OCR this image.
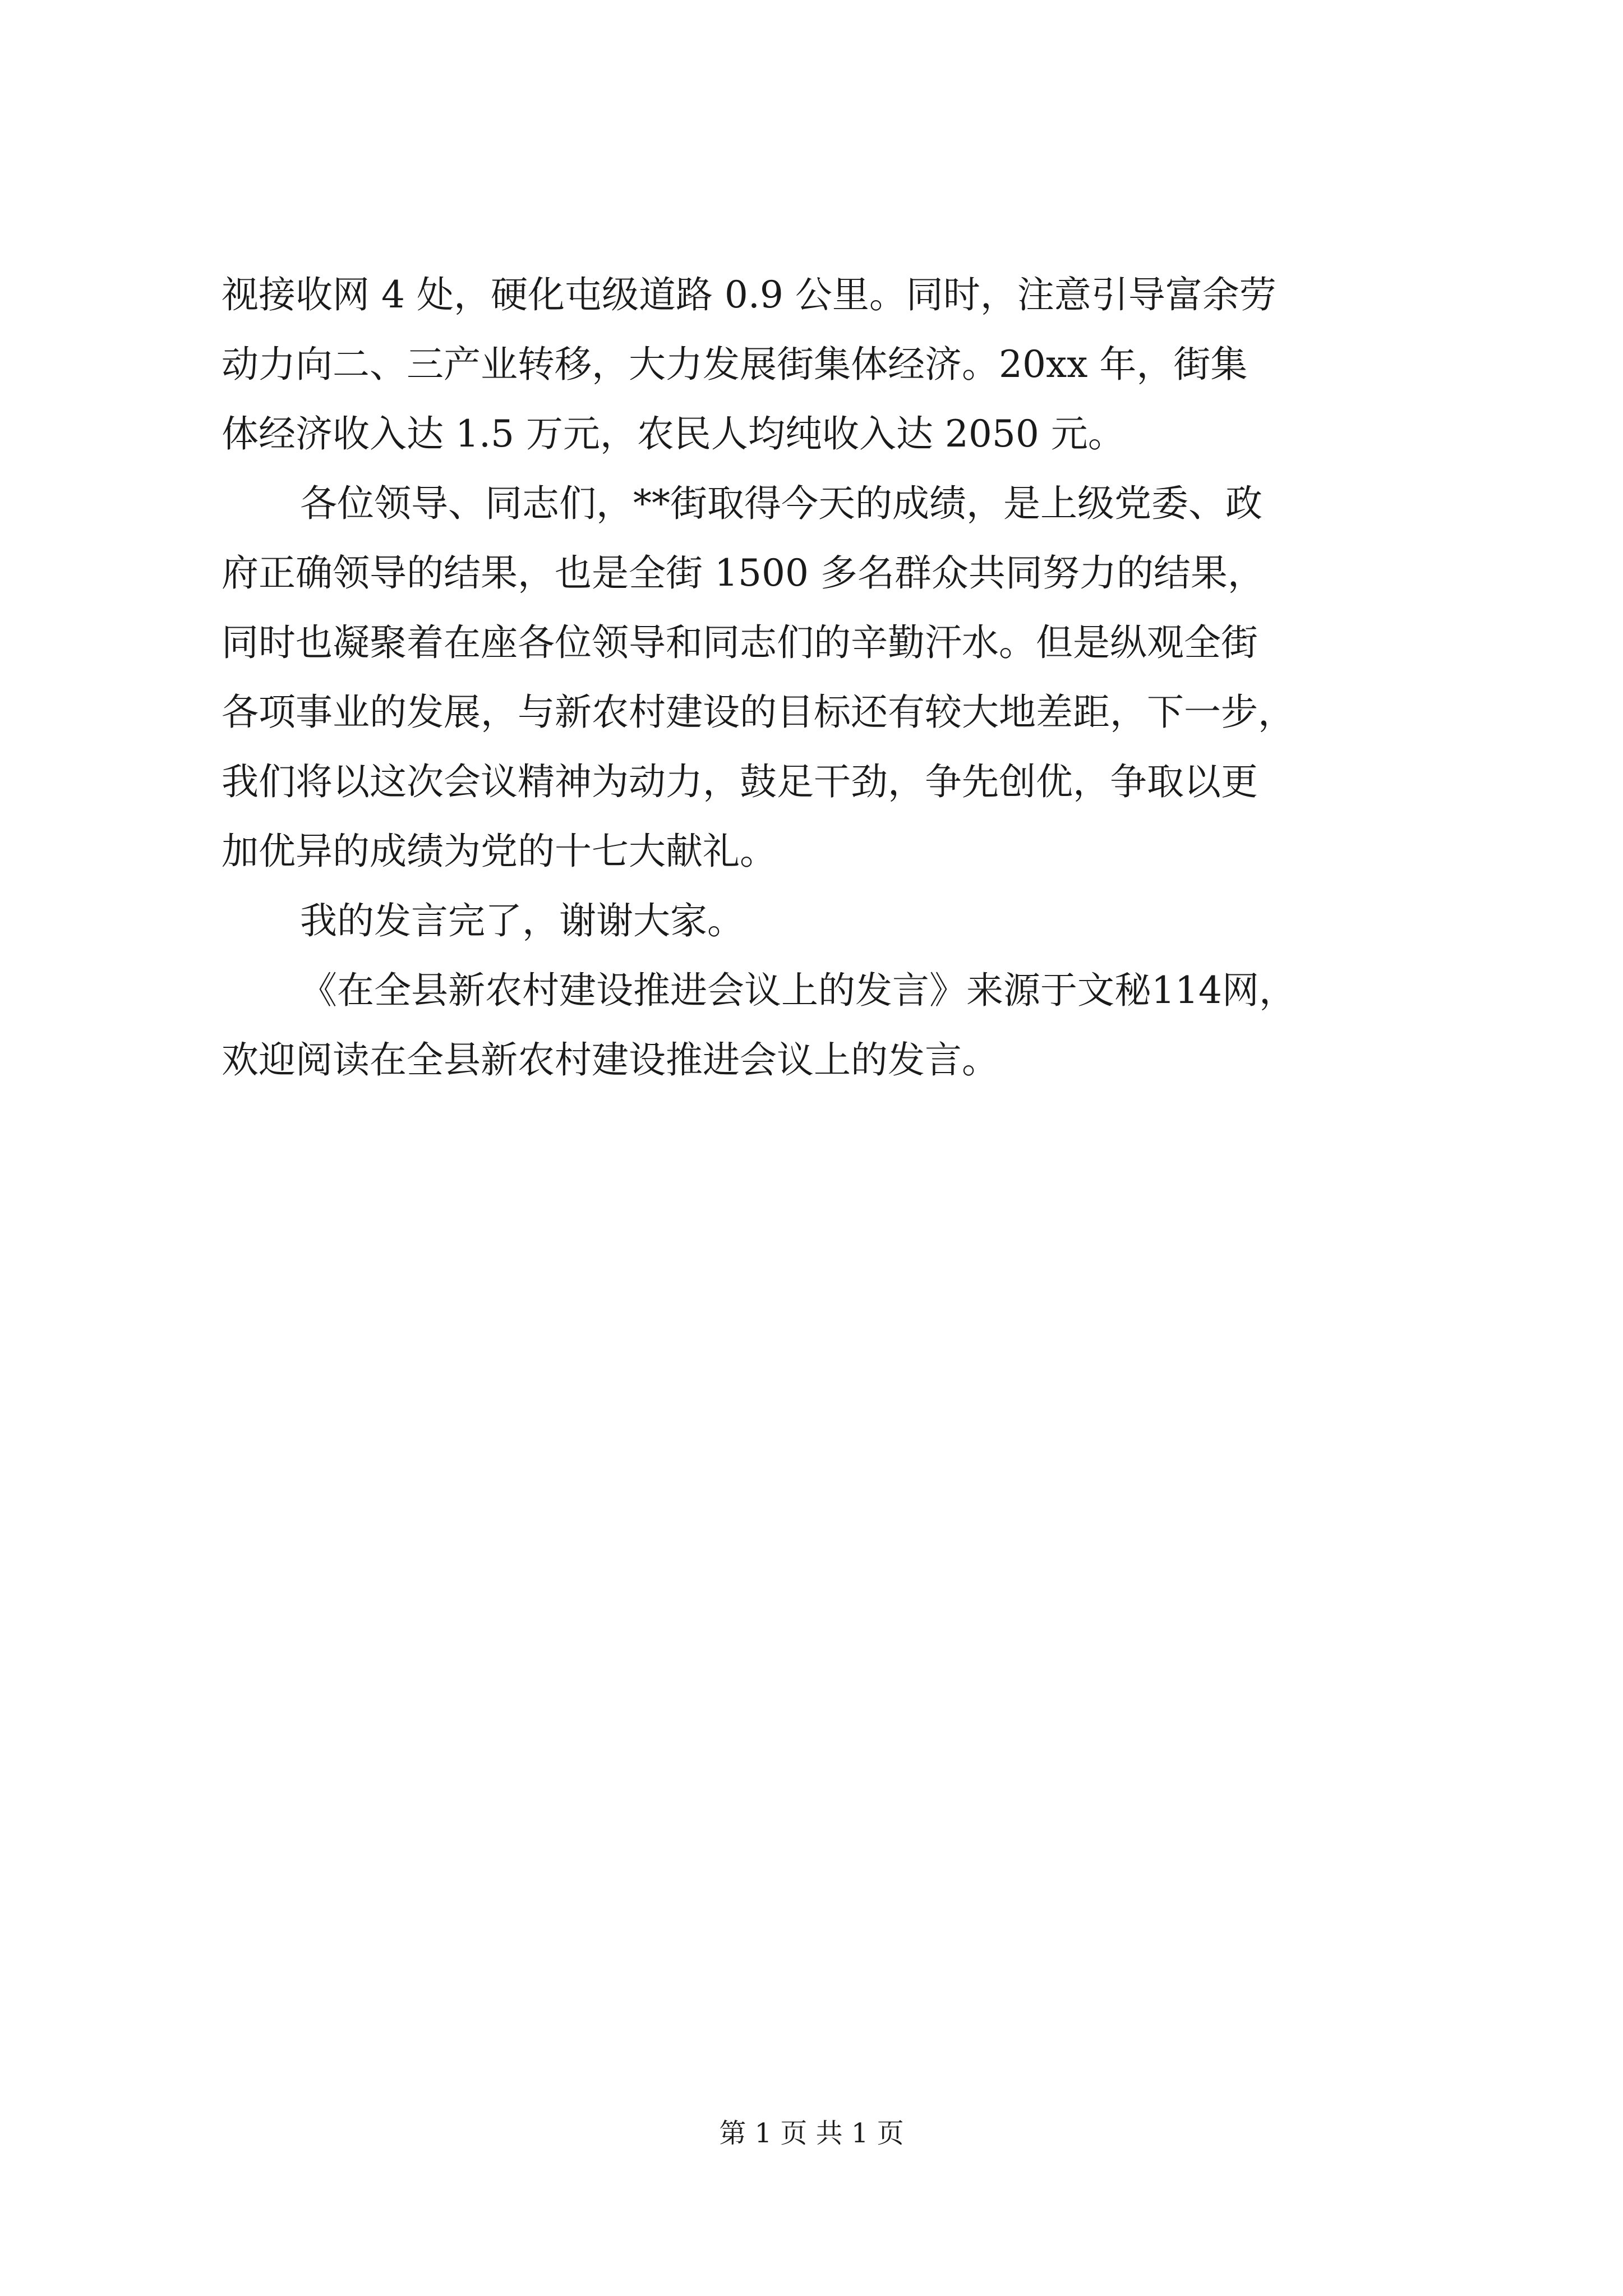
视接收网 4 处，硬化屯级道路 0.9 公里。同时，注意引导富余劳
动力向二、三产业转移，大力发展街集体经济。20xx 年，街集
体经济收入达 1.5 万元，农民人均纯收入达 2050 元。
各位领导、同志们，**街取得今天的成绩，是上级党委、政
府正确领导的结果，也是全街 1500 多名群众共同努力的结果，
同时也凝聚着在座各位领导和同志们的辛勤汗水。但是纵观全街
各项事业的发展，与新农村建设的目标还有较大地差距，下一步，
我们将以这次会议精神为动力，鼓足干劲，争先创优，争取以更
加优异的成绩为党的十七大献礼。
我的发言完了，谢谢大家。
《在全县新农村建设推进会议上的发言》来源于文秘114网，
欢迎阅读在全县新农村建设推进会议上的发言。
第 1 页 共 1 页
